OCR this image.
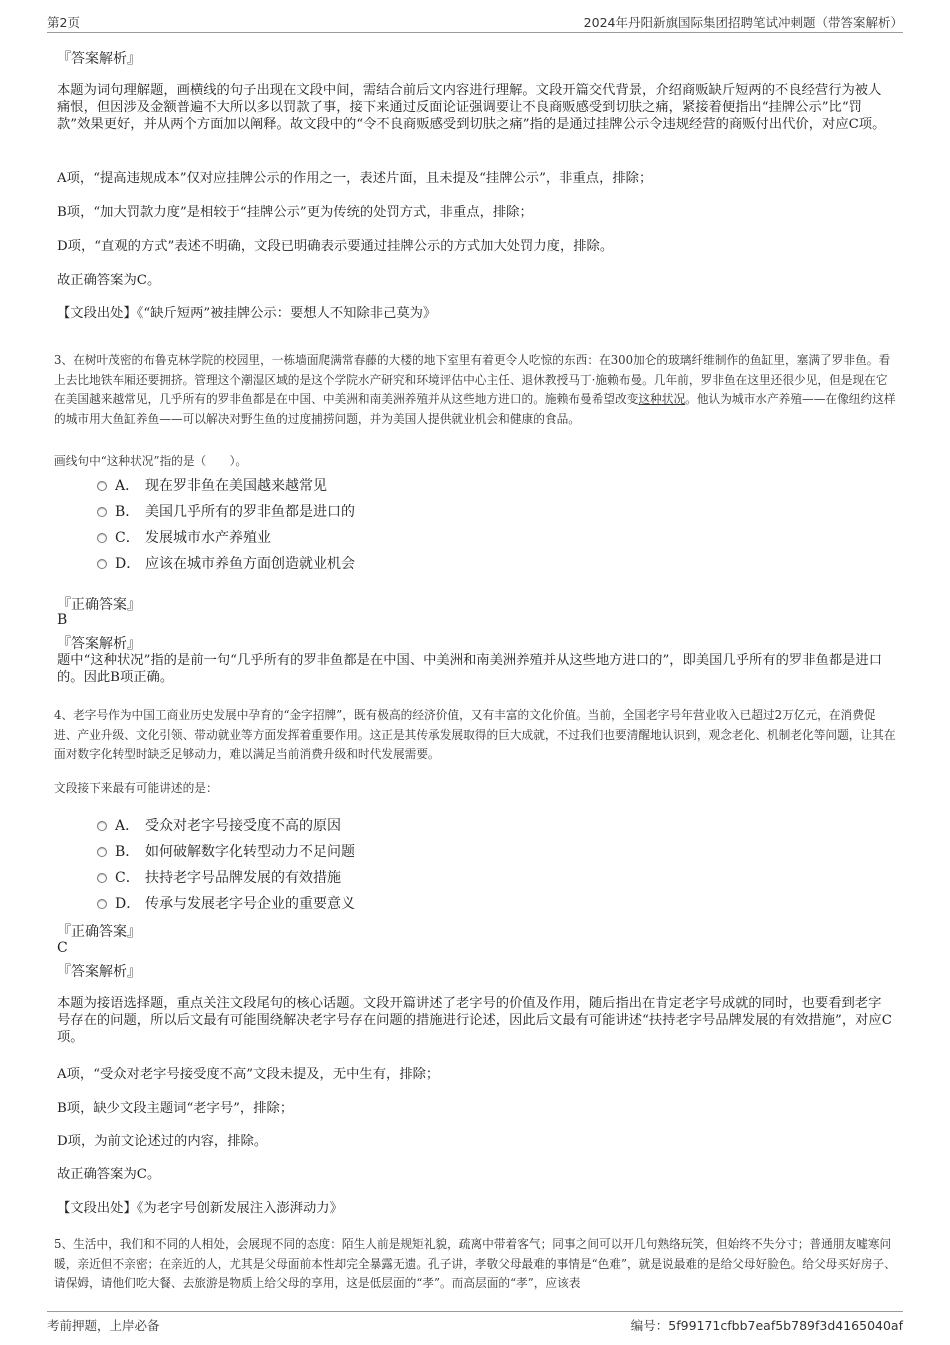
第2页	2024年丹阳新旗国际集团招聘笔试冲刺题（带答案解析）
『答案解析』
本题为词句理解题，画横线的句子出现在文段中间，需结合前后文内容进行理解。文段开篇交代背景，介绍商贩缺斤短两的不良经营行为被人痛恨，但因涉及金额普遍不大所以多以罚款了事，接下来通过反面论证强调要让不良商贩感受到切肤之痛，紧接着便指出“挂牌公示”比“罚款”效果更好，并从两个方面加以阐释。故文段中的“令不良商贩感受到切肤之痛”指的是通过挂牌公示令违规经营的商贩付出代价，对应C项。
A项，“提高违规成本”仅对应挂牌公示的作用之一，表述片面，且未提及“挂牌公示”，非重点，排除；
B项，“加大罚款力度”是相较于“挂牌公示”更为传统的处罚方式，非重点，排除；
D项，“直观的方式”表述不明确，文段已明确表示要通过挂牌公示的方式加大处罚力度，排除。
故正确答案为C。
【文段出处】《“缺斤短两”被挂牌公示：要想人不知除非己莫为》
3、在树叶茂密的布鲁克林学院的校园里，一栋墙面爬满常春藤的大楼的地下室里有着更令人吃惊的东西：在300加仑的玻璃纤维制作的鱼缸里，塞满了罗非鱼。看上去比地铁车厢还要拥挤。管理这个潮湿区域的是这个学院水产研究和环境评估中心主任、退休教授马丁·施赖布曼。几年前，罗非鱼在这里还很少见，但是现在它在美国越来越常见，几乎所有的罗非鱼都是在中国、中美洲和南美洲养殖并从这些地方进口的。施赖布曼希望改变这种状况。他认为城市水产养殖——在像纽约这样的城市用大鱼缸养鱼——可以解决对野生鱼的过度捕捞问题，并为美国人提供就业机会和健康的食品。
画线句中“这种状况”指的是（　　）。
A． 现在罗非鱼在美国越来越常见
B． 美国几乎所有的罗非鱼都是进口的
C． 发展城市水产养殖业
D． 应该在城市养鱼方面创造就业机会
『正确答案』
B
『答案解析』
题中“这种状况”指的是前一句“几乎所有的罗非鱼都是在中国、中美洲和南美洲养殖并从这些地方进口的”，即美国几乎所有的罗非鱼都是进口的。因此B项正确。
4、老字号作为中国工商业历史发展中孕育的“金字招牌”，既有极高的经济价值，又有丰富的文化价值。当前，全国老字号年营业收入已超过2万亿元，在消费促进、产业升级、文化引领、带动就业等方面发挥着重要作用。这正是其传承发展取得的巨大成就，不过我们也要清醒地认识到，观念老化、机制老化等问题，让其在面对数字化转型时缺乏足够动力，难以满足当前消费升级和时代发展需要。
文段接下来最有可能讲述的是：
A． 受众对老字号接受度不高的原因
B． 如何破解数字化转型动力不足问题
C． 扶持老字号品牌发展的有效措施
D． 传承与发展老字号企业的重要意义
『正确答案』
C
『答案解析』
本题为接语选择题，重点关注文段尾句的核心话题。文段开篇讲述了老字号的价值及作用，随后指出在肯定老字号成就的同时，也要看到老字号存在的问题，所以后文最有可能围绕解决老字号存在问题的措施进行论述，因此后文最有可能讲述“扶持老字号品牌发展的有效措施”，对应C项。
A项，“受众对老字号接受度不高”文段未提及，无中生有，排除；
B项，缺少文段主题词“老字号”，排除；
D项，为前文论述过的内容，排除。
故正确答案为C。
【文段出处】《为老字号创新发展注入澎湃动力》
5、生活中，我们和不同的人相处，会展现不同的态度：陌生人前是规矩礼貌，疏离中带着客气；同事之间可以开几句熟络玩笑，但始终不失分寸；普通朋友嘘寒问暖，亲近但不亲密；在亲近的人，尤其是父母面前本性却完全暴露无遗。孔子讲，孝敬父母最难的事情是“色难”，就是说最难的是给父母好脸色。给父母买好房子、请保姆，请他们吃大餐、去旅游是物质上给父母的享用，这是低层面的“孝”。而高层面的“孝”，应该表
考前押题，上岸必备	编号：5f99171cfbb7eaf5b789f3d4165040af
